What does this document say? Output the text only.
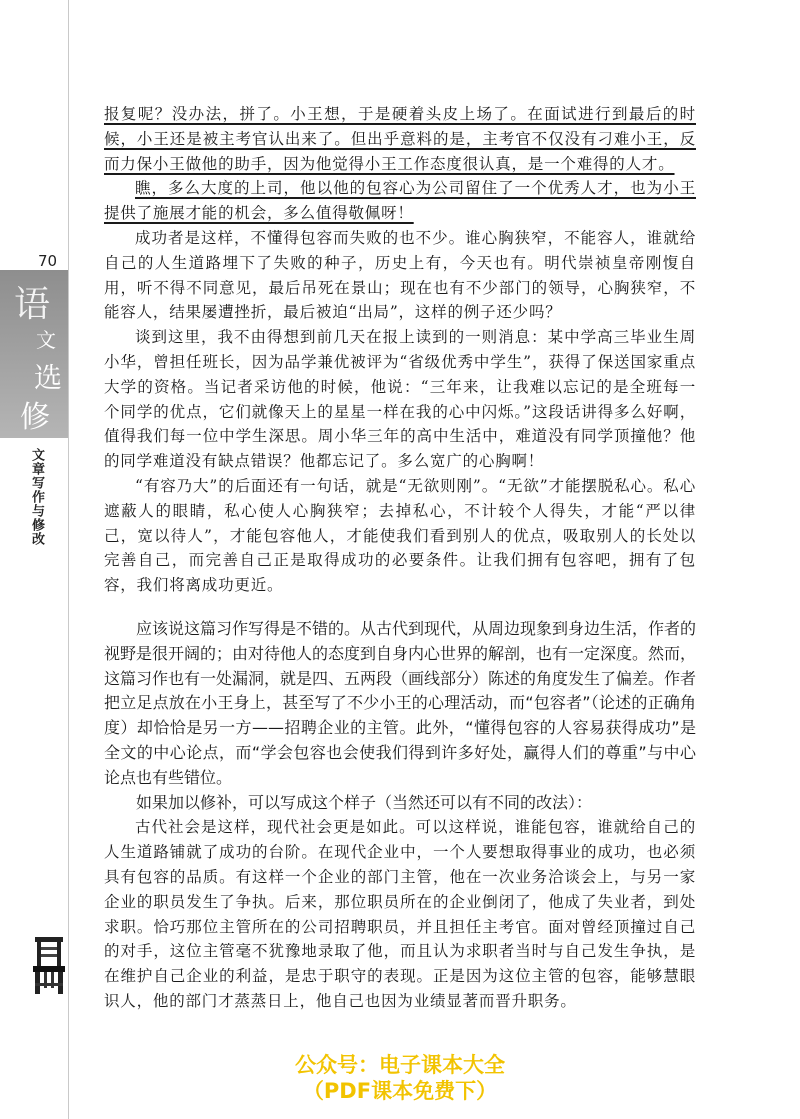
70
语
文
选
修
文章写作与修改

报复呢？没办法，拼了。小王想，于是硬着头皮上场了。在面试进行到最后的时候，小王还是被主考官认出来了。但出乎意料的是，主考官不仅没有刁难小王，反而力保小王做他的助手，因为他觉得小王工作态度很认真，是一个难得的人才。

瞧，多么大度的上司，他以他的包容心为公司留住了一个优秀人才，也为小王提供了施展才能的机会，多么值得敬佩呀！

成功者是这样，不懂得包容而失败的也不少。谁心胸狭窄，不能容人，谁就给自己的人生道路埋下了失败的种子，历史上有，今天也有。明代崇祯皇帝刚愎自用，听不得不同意见，最后吊死在景山；现在也有不少部门的领导，心胸狭窄，不能容人，结果屡遭挫折，最后被迫“出局”，这样的例子还少吗？

谈到这里，我不由得想到前几天在报上读到的一则消息：某中学高三毕业生周小华，曾担任班长，因为品学兼优被评为“省级优秀中学生”，获得了保送国家重点大学的资格。当记者采访他的时候，他说：“三年来，让我难以忘记的是全班每一个同学的优点，它们就像天上的星星一样在我的心中闪烁。”这段话讲得多么好啊，值得我们每一位中学生深思。周小华三年的高中生活中，难道没有同学顶撞他？他的同学难道没有缺点错误？他都忘记了。多么宽广的心胸啊！

“有容乃大”的后面还有一句话，就是“无欲则刚”。“无欲”才能摆脱私心。私心遮蔽人的眼睛，私心使人心胸狭窄；去掉私心，不计较个人得失，才能“严以律己，宽以待人”，才能包容他人，才能使我们看到别人的优点，吸取别人的长处以完善自己，而完善自己正是取得成功的必要条件。让我们拥有包容吧，拥有了包容，我们将离成功更近。

应该说这篇习作写得是不错的。从古代到现代，从周边现象到身边生活，作者的视野是很开阔的；由对待他人的态度到自身内心世界的解剖，也有一定深度。然而，这篇习作也有一处漏洞，就是四、五两段（画线部分）陈述的角度发生了偏差。作者把立足点放在小王身上，甚至写了不少小王的心理活动，而“包容者”（论述的正确角度）却恰恰是另一方——招聘企业的主管。此外，“懂得包容的人容易获得成功”是全文的中心论点，而“学会包容也会使我们得到许多好处，赢得人们的尊重”与中心论点也有些错位。

如果加以修补，可以写成这个样子（当然还可以有不同的改法）：

古代社会是这样，现代社会更是如此。可以这样说，谁能包容，谁就给自己的人生道路铺就了成功的台阶。在现代企业中，一个人要想取得事业的成功，也必须具有包容的品质。有这样一个企业的部门主管，他在一次业务洽谈会上，与另一家企业的职员发生了争执。后来，那位职员所在的企业倒闭了，他成了失业者，到处求职。恰巧那位主管所在的公司招聘职员，并且担任主考官。面对曾经顶撞过自己的对手，这位主管毫不犹豫地录取了他，而且认为求职者当时与自己发生争执，是在维护自己企业的利益，是忠于职守的表现。正是因为这位主管的包容，能够慧眼识人，他的部门才蒸蒸日上，他自己也因为业绩显著而晋升职务。

公众号：电子课本大全
（PDF课本免费下）
